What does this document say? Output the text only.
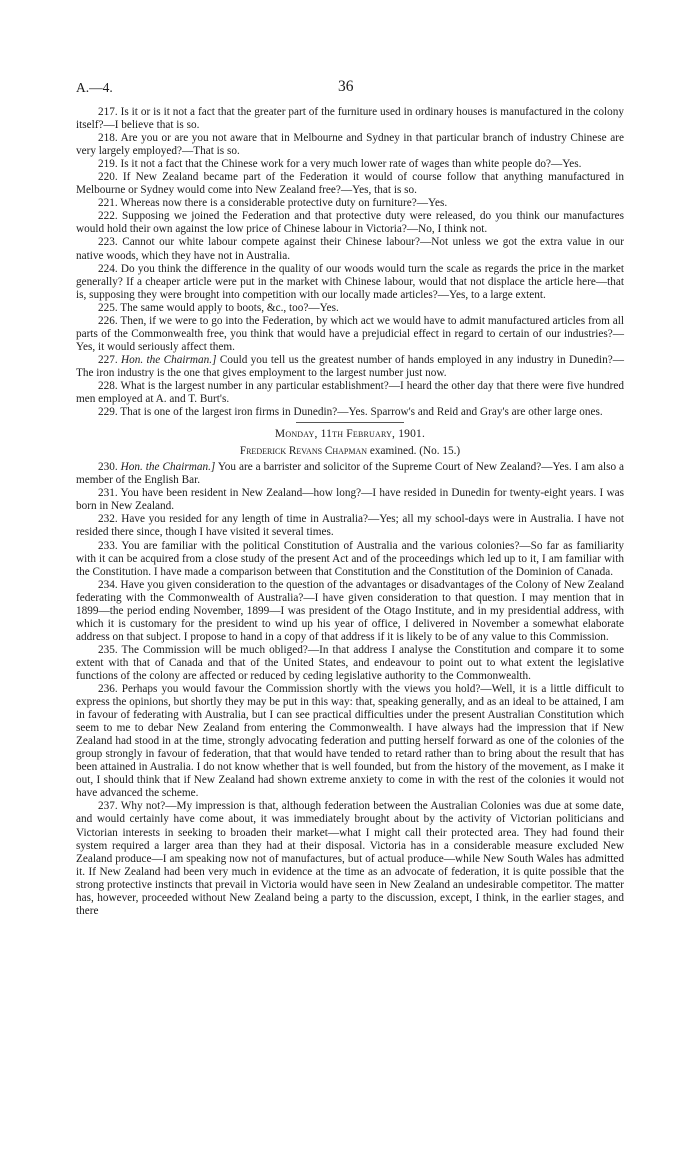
A.—4.	36

217. Is it or is it not a fact that the greater part of the furniture used in ordinary houses is manufactured in the colony itself?—I believe that is so.

218. Are you or are you not aware that in Melbourne and Sydney in that particular branch of industry Chinese are very largely employed?—That is so.

219. Is it not a fact that the Chinese work for a very much lower rate of wages than white people do?—Yes.

220. If New Zealand became part of the Federation it would of course follow that anything manufactured in Melbourne or Sydney would come into New Zealand free?—Yes, that is so.

221. Whereas now there is a considerable protective duty on furniture?—Yes.

222. Supposing we joined the Federation and that protective duty were released, do you think our manufactures would hold their own against the low price of Chinese labour in Victoria?—No, I think not.

223. Cannot our white labour compete against their Chinese labour?—Not unless we got the extra value in our native woods, which they have not in Australia.

224. Do you think the difference in the quality of our woods would turn the scale as regards the price in the market generally? If a cheaper article were put in the market with Chinese labour, would that not displace the article here—that is, supposing they were brought into competition with our locally made articles?—Yes, to a large extent.

225. The same would apply to boots, &c., too?—Yes.

226. Then, if we were to go into the Federation, by which act we would have to admit manufactured articles from all parts of the Commonwealth free, you think that would have a prejudicial effect in regard to certain of our industries?—Yes, it would seriously affect them.

227. Hon. the Chairman.] Could you tell us the greatest number of hands employed in any industry in Dunedin?—The iron industry is the one that gives employment to the largest number just now.

228. What is the largest number in any particular establishment?—I heard the other day that there were five hundred men employed at A. and T. Burt's.

229. That is one of the largest iron firms in Dunedin?—Yes. Sparrow's and Reid and Gray's are other large ones.

Monday, 11th February, 1901.

Frederick Revans Chapman examined. (No. 15.)

230. Hon. the Chairman.] You are a barrister and solicitor of the Supreme Court of New Zealand?—Yes. I am also a member of the English Bar.

231. You have been resident in New Zealand—how long?—I have resided in Dunedin for twenty-eight years. I was born in New Zealand.

232. Have you resided for any length of time in Australia?—Yes; all my school-days were in Australia. I have not resided there since, though I have visited it several times.

233. You are familiar with the political Constitution of Australia and the various colonies?—So far as familiarity with it can be acquired from a close study of the present Act and of the proceedings which led up to it, I am familiar with the Constitution. I have made a comparison between that Constitution and the Constitution of the Dominion of Canada.

234. Have you given consideration to the question of the advantages or disadvantages of the Colony of New Zealand federating with the Commonwealth of Australia?—I have given consideration to that question. I may mention that in 1899—the period ending November, 1899—I was president of the Otago Institute, and in my presidential address, with which it is customary for the president to wind up his year of office, I delivered in November a somewhat elaborate address on that subject. I propose to hand in a copy of that address if it is likely to be of any value to this Commission.

235. The Commission will be much obliged?—In that address I analyse the Constitution and compare it to some extent with that of Canada and that of the United States, and endeavour to point out to what extent the legislative functions of the colony are affected or reduced by ceding legislative authority to the Commonwealth.

236. Perhaps you would favour the Commission shortly with the views you hold?—Well, it is a little difficult to express the opinions, but shortly they may be put in this way: that, speaking generally, and as an ideal to be attained, I am in favour of federating with Australia, but I can see practical difficulties under the present Australian Constitution which seem to me to debar New Zealand from entering the Commonwealth. I have always had the impression that if New Zealand had stood in at the time, strongly advocating federation and putting herself forward as one of the colonies of the group strongly in favour of federation, that that would have tended to retard rather than to bring about the result that has been attained in Australia. I do not know whether that is well founded, but from the history of the movement, as I make it out, I should think that if New Zealand had shown extreme anxiety to come in with the rest of the colonies it would not have advanced the scheme.

237. Why not?—My impression is that, although federation between the Australian Colonies was due at some date, and would certainly have come about, it was immediately brought about by the activity of Victorian politicians and Victorian interests in seeking to broaden their market—what I might call their protected area. They had found their system required a larger area than they had at their disposal. Victoria has in a considerable measure excluded New Zealand produce—I am speaking now not of manufactures, but of actual produce—while New South Wales has admitted it. If New Zealand had been very much in evidence at the time as an advocate of federation, it is quite possible that the strong protective instincts that prevail in Victoria would have seen in New Zealand an undesirable competitor. The matter has, however, proceeded without New Zealand being a party to the discussion, except, I think, in the earlier stages, and there
